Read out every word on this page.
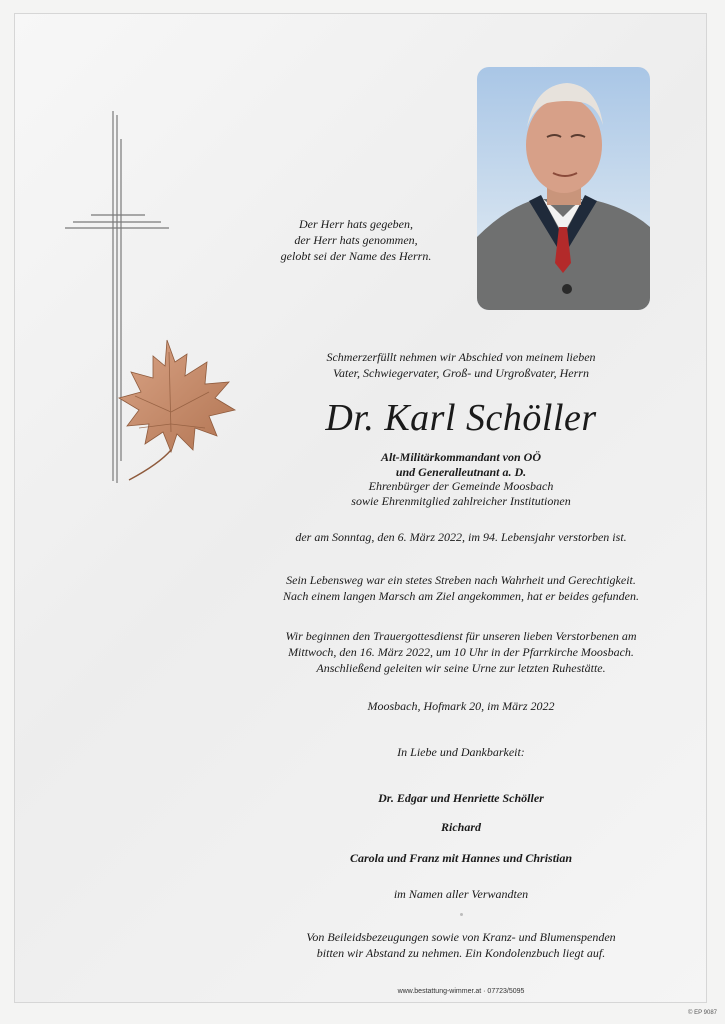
Der Herr hats gegeben,
der Herr hats genommen,
gelobt sei der Name des Herrn.
Schmerzerfüllt nehmen wir Abschied von meinem lieben
Vater, Schwiegervater, Groß- und Urgroßvater, Herrn
Dr. Karl Schöller
Alt-Militärkommandant von OÖ
und Generalleutnant a. D.
Ehrenbürger der Gemeinde Moosbach
sowie Ehrenmitglied zahlreicher Institutionen
der am Sonntag, den 6. März 2022, im 94. Lebensjahr verstorben ist.
Sein Lebensweg war ein stetes Streben nach Wahrheit und Gerechtigkeit.
Nach einem langen Marsch am Ziel angekommen, hat er beides gefunden.
Wir beginnen den Trauergottesdienst für unseren lieben Verstorbenen am
Mittwoch, den 16. März 2022, um 10 Uhr in der Pfarrkirche Moosbach.
Anschließend geleiten wir seine Urne zur letzten Ruhestätte.
Moosbach, Hofmark 20, im März 2022
In Liebe und Dankbarkeit:
Dr. Edgar und Henriette Schöller
Richard
Carola und Franz mit Hannes und Christian
im Namen aller Verwandten
Von Beileidsbezeugungen sowie von Kranz- und Blumenspenden
bitten wir Abstand zu nehmen. Ein Kondolenzbuch liegt auf.
www.bestattung-wimmer.at · 07723/5095
© EP 9087
